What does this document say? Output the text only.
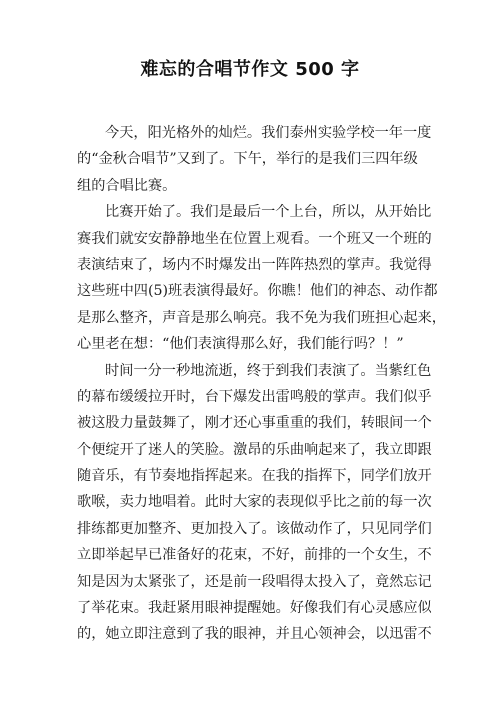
难忘的合唱节作文 500 字
今天，阳光格外的灿烂。我们泰州实验学校一年一度
的“金秋合唱节”又到了。下午，举行的是我们三四年级
组的合唱比赛。
比赛开始了。我们是最后一个上台，所以，从开始比
赛我们就安安静静地坐在位置上观看。一个班又一个班的
表演结束了，场内不时爆发出一阵阵热烈的掌声。我觉得
这些班中四(5)班表演得最好。你瞧！他们的神态、动作都
是那么整齐，声音是那么响亮。我不免为我们班担心起来，
心里老在想：“他们表演得那么好，我们能行吗？！”
时间一分一秒地流逝，终于到我们表演了。当紫红色
的幕布缓缓拉开时，台下爆发出雷鸣般的掌声。我们似乎
被这股力量鼓舞了，刚才还心事重重的我们，转眼间一个
个便绽开了迷人的笑脸。激昂的乐曲响起来了，我立即跟
随音乐，有节奏地指挥起来。在我的指挥下，同学们放开
歌喉，卖力地唱着。此时大家的表现似乎比之前的每一次
排练都更加整齐、更加投入了。该做动作了，只见同学们
立即举起早已准备好的花束，不好，前排的一个女生，不
知是因为太紧张了，还是前一段唱得太投入了，竟然忘记
了举花束。我赶紧用眼神提醒她。好像我们有心灵感应似
的，她立即注意到了我的眼神，并且心领神会，以迅雷不
